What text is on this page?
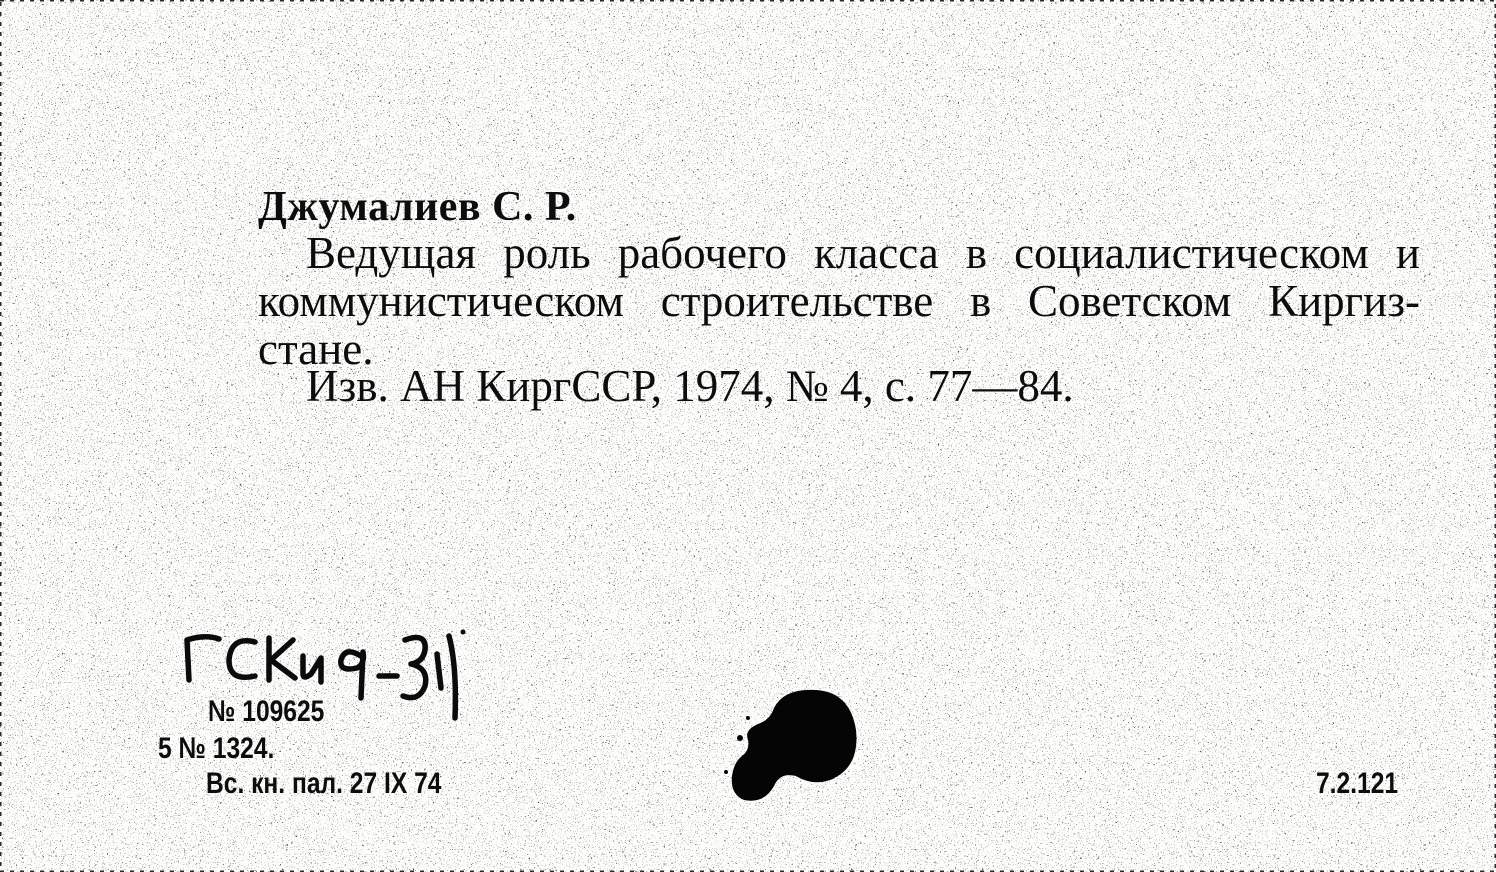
Джумалиев С. Р.
Ведущая роль рабочего класса в социалистическом и
коммунистическом строительстве в Советском Киргиз-
стане.
Изв. АН КиргССР, 1974, № 4, с. 77—84.
№ 109625
5 № 1324.
Вс. кн. пал. 27 IX 74	7.2.121
